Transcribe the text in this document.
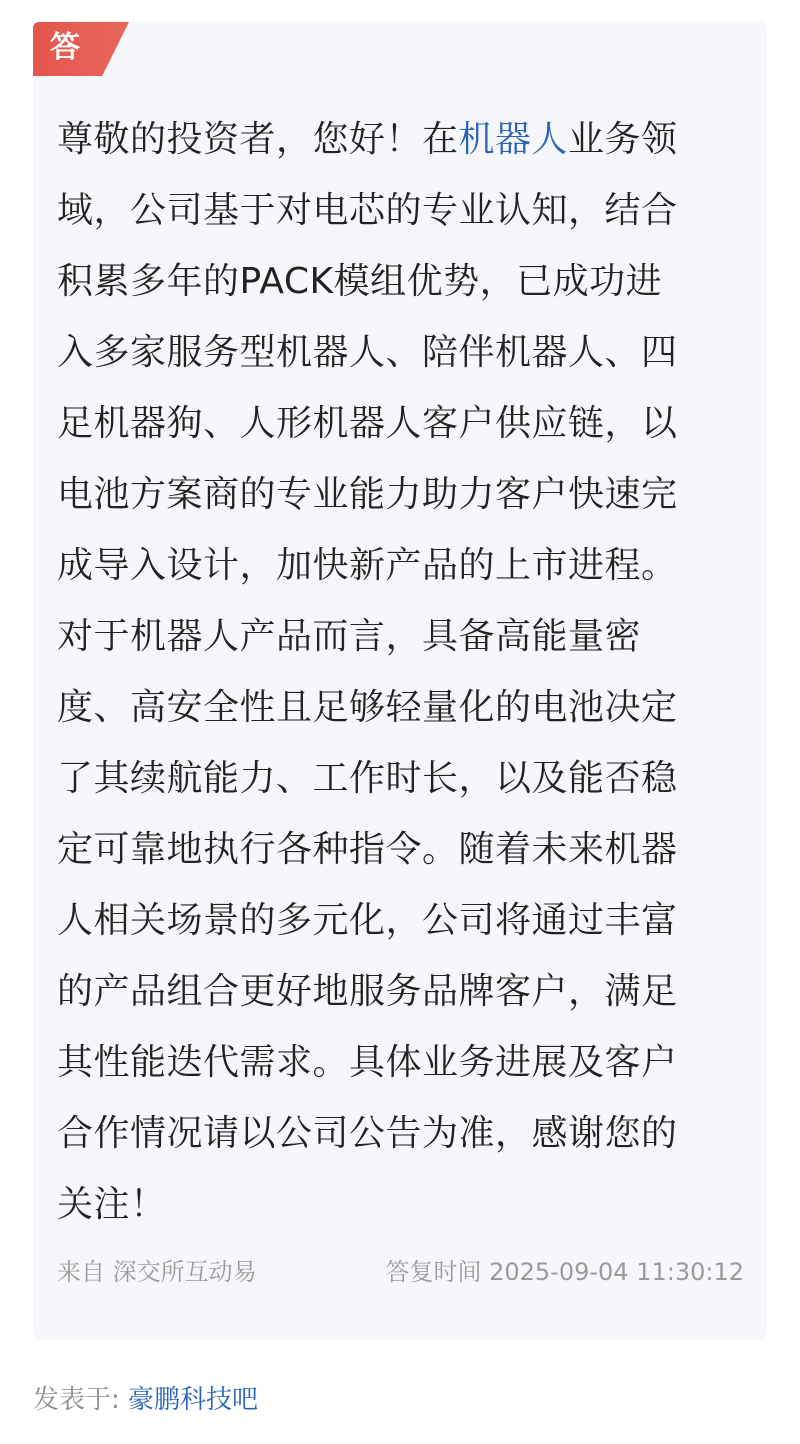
答

尊敬的投资者，您好！在机器人业务领

域，公司基于对电芯的专业认知，结合

积累多年的PACK模组优势，已成功进

入多家服务型机器人、陪伴机器人、四

足机器狗、人形机器人客户供应链，以

电池方案商的专业能力助力客户快速完

成导入设计，加快新产品的上市进程。

对于机器人产品而言，具备高能量密

度、高安全性且足够轻量化的电池决定

了其续航能力、工作时长，以及能否稳

定可靠地执行各种指令。随着未来机器

人相关场景的多元化，公司将通过丰富

的产品组合更好地服务品牌客户，满足

其性能迭代需求。具体业务进展及客户

合作情况请以公司公告为准，感谢您的

关注！

来自 深交所互动易	答复时间 2025-09-04 11:30:12
发表于: 豪鹏科技吧
